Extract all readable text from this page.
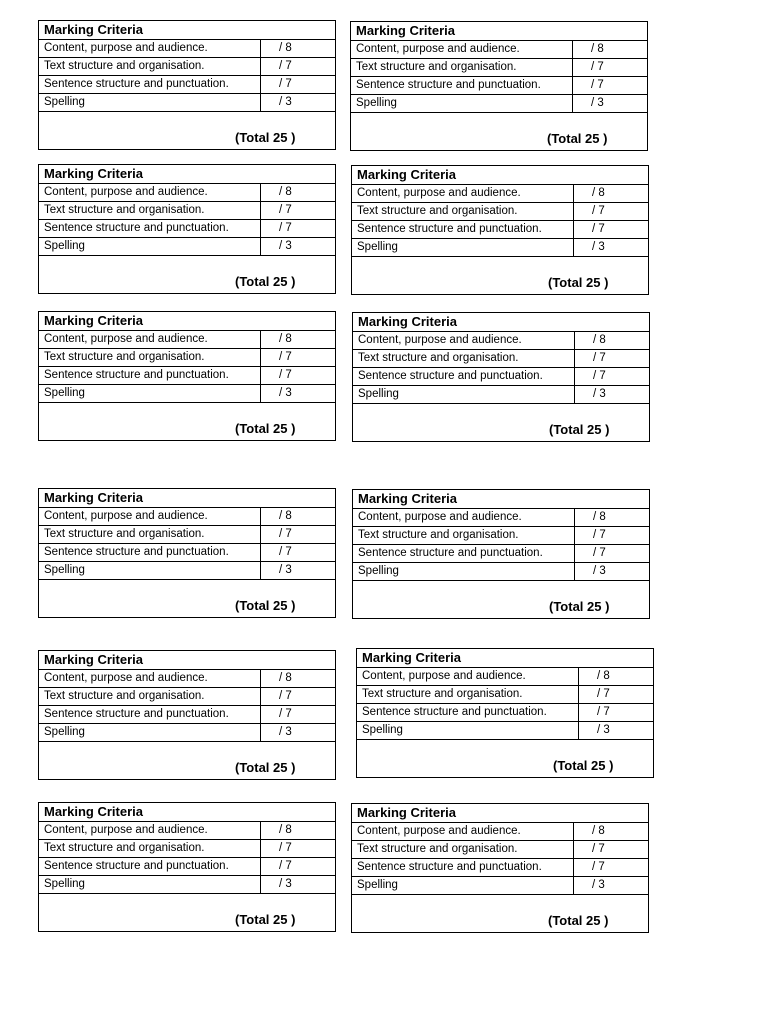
Marking Criteria
Content, purpose and audience.	/ 8
Text structure and organisation.	/ 7
Sentence structure and punctuation.	/ 7
Spelling	/ 3
(Total 25 )
Marking Criteria
Content, purpose and audience.	/ 8
Text structure and organisation.	/ 7
Sentence structure and punctuation.	/ 7
Spelling	/ 3
(Total 25 )
Marking Criteria
Content, purpose and audience.	/ 8
Text structure and organisation.	/ 7
Sentence structure and punctuation.	/ 7
Spelling	/ 3
(Total 25 )
Marking Criteria
Content, purpose and audience.	/ 8
Text structure and organisation.	/ 7
Sentence structure and punctuation.	/ 7
Spelling	/ 3
(Total 25 )
Marking Criteria
Content, purpose and audience.	/ 8
Text structure and organisation.	/ 7
Sentence structure and punctuation.	/ 7
Spelling	/ 3
(Total 25 )
Marking Criteria
Content, purpose and audience.	/ 8
Text structure and organisation.	/ 7
Sentence structure and punctuation.	/ 7
Spelling	/ 3
(Total 25 )
Marking Criteria
Content, purpose and audience.	/ 8
Text structure and organisation.	/ 7
Sentence structure and punctuation.	/ 7
Spelling	/ 3
(Total 25 )
Marking Criteria
Content, purpose and audience.	/ 8
Text structure and organisation.	/ 7
Sentence structure and punctuation.	/ 7
Spelling	/ 3
(Total 25 )
Marking Criteria
Content, purpose and audience.	/ 8
Text structure and organisation.	/ 7
Sentence structure and punctuation.	/ 7
Spelling	/ 3
(Total 25 )
Marking Criteria
Content, purpose and audience.	/ 8
Text structure and organisation.	/ 7
Sentence structure and punctuation.	/ 7
Spelling	/ 3
(Total 25 )
Marking Criteria
Content, purpose and audience.	/ 8
Text structure and organisation.	/ 7
Sentence structure and punctuation.	/ 7
Spelling	/ 3
(Total 25 )
Marking Criteria
Content, purpose and audience.	/ 8
Text structure and organisation.	/ 7
Sentence structure and punctuation.	/ 7
Spelling	/ 3
(Total 25 )
